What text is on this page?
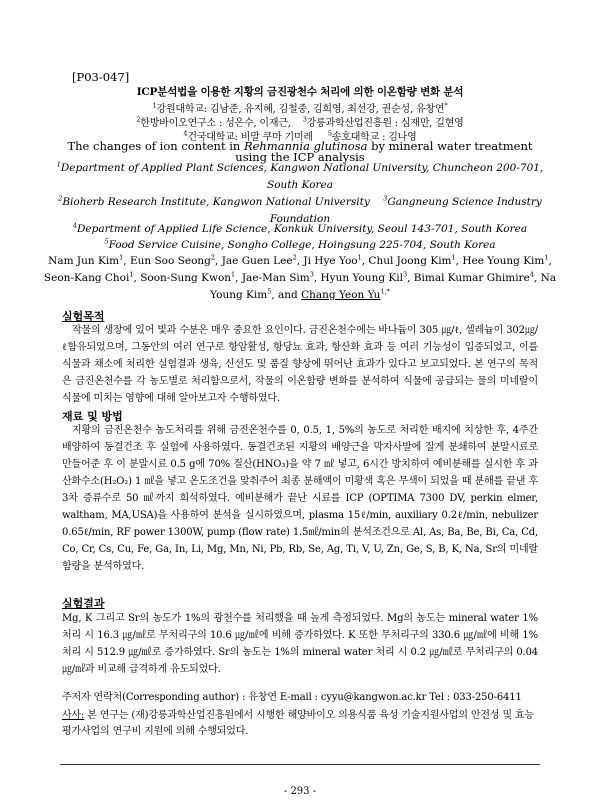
[P03-047]
ICP분석법을 이용한 지황의 금진광천수 처리에 의한 이온함량 변화 분석
$^1$강원대학교: 김남준, 유지혜, 김철중, 김희영, 최선강, 권순성, 유창연*
$^2$한방바이오연구소 : 성은수, 이재근, $^3$강릉과학산업진흥원 : 심재만, 길현영
$^4$건국대학교: 비말 쿠마 기미레 $^5$송호대학교 : 김나영
The changes of ion content in Rehmannia glutinosa by mineral water treatment using the ICP analysis
$^1$Department of Applied Plant Sciences, Kangwon National University, Chuncheon 200-701,
South Korea
$^2$Bioherb Research Institute, Kangwon National University $^3$Gangneung Science Industry
Foundation
$^4$Department of Applied Life Science, Konkuk University, Seoul 143-701, South Korea
$^5$Food Service Cuisine, Songho College, Hoingsung 225-704, South Korea
Nam Jun Kim$^1$, Eun Soo Seong$^2$, Jae Guen Lee$^2$, Ji Hye Yoo$^1$, Chul Joong Kim$^1$, Hee Young Kim$^1$, Seon-Kang Choi$^1$, Soon-Sung Kwon$^1$, Jae-Man Sim$^3$, Hyun Young Kil$^3$, Bimal Kumar Ghimire$^4$, Na Young Kim$^5$, and Chang Yeon $Yu^{1,*}$
실험목적

작물의 생장에 있어 빛과 수분은 매우 중요한 요인이다. 금진온천수에는 바나듐이 305 ㎍/ℓ, 셀레늄이 302㎍/ℓ함유되었으며, 그동안의 여러 연구로 항암활성, 항당뇨 효과, 항산화 효과 등 여러 기능성이 입증되었고, 이를 식물과 채소에 처리한 실험결과 생육, 신선도 및 품질 향상에 뛰어난 효과가 있다고 보고되었다. 본 연구의 목적은 금진온천수를 각 농도별로 처리함으로서, 작물의 이온함량 변화를 분석하여 식물에 공급되는 물의 미네랄이 식물에 미치는 영향에 대해 알아보고자 수행하였다.

재료 및 방법

지황의 금진온천수 농도처리를 위해 금진온천수를 0, 0.5, 1, 5%의 농도로 처리한 배지에 치상한 후, 4주간 배양하여 동결건조 후 실험에 사용하였다. 동결건조된 지황의 배양근을 막자사발에 잘게 분쇄하여 분말시료로 만들어준 후 이 분말시료 0.5 g에 70% 질산(HNO₃)을 약 7 ㎖ 넣고, 6시간 방치하여 예비분해를 실시한 후 과산화수소(H₂O₂) 1 ㎖을 넣고 온도조건을 맞춰주어 최종 분해액이 미황색 혹은 무색이 되었을 때 분해를 끝낸 후 3차 증류수로 50 ㎖까지 희석하였다. 예비분해가 끝난 시료를 ICP (OPTIMA 7300 DV, perkin elmer, waltham, MA,USA)을 사용하여 분석을 실시하였으며, plasma 15ℓ/min, auxiliary 0.2ℓ/min, nebulizer 0.65ℓ/min, RF power 1300W, pump (flow rate) 1.5㎖/min의 분석조건으로 Al, As, Ba, Be, Bi, Ca, Cd, Co, Cr, Cs, Cu, Fe, Ga, In, Li, Mg, Mn, Ni, Pb, Rb, Se, Ag, Ti, V, U, Zn, Ge, S, B, K, Na, Sr의 미네랄함량을 분석하였다.

실험결과

Mg, K 그리고 Sr의 농도가 1%의 광천수를 처리했을 때 높게 측정되었다. Mg의 농도는 mineral water 1% 처리 시 16.3 ㎍/㎖로 무처리구의 10.6 ㎍/㎖에 비해 증가하였다. K 또한 무처리구의 330.6 ㎍/㎖에 비해 1% 처리 시 512.9 ㎍/㎖로 증가하였다. Sr의 농도는 1%의 mineral water 처리 시 0.2 ㎍/㎖로 무처리구의 0.04 ㎍/㎖과 비교해 급격하게 유도되었다.

주저자 연락처(Corresponding author) : 유창연 E-mail : cyyu@kangwon.ac.kr Tel : 033-250-6411
사사: 본 연구는 (재)강릉과학산업진흥원에서 시행한 해양바이오 의용식품 육성 기술지원사업의 안전성 및 효능평가사업의 연구비 지원에 의해 수행되었다.
- 293 -
